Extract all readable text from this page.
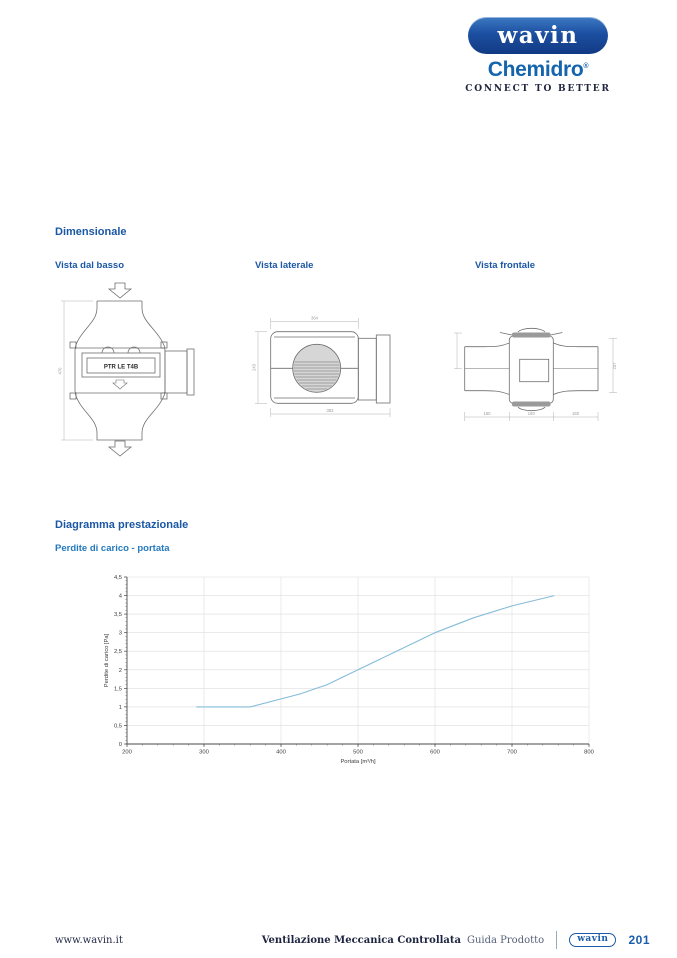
wavin
Chemidro®
CONNECT TO BETTER
Dimensionale
Vista dal basso	Vista laterale	Vista frontale
PTR LE T4B
470
364
243
383
237
160	150	160
Diagramma prestazionale
Perdite di carico - portata
200	300	400	500	600	700	800
0
0,5
1
1,5
2
2,5
3
3,5
4
4,5
Portata [m³/h]
Perdite di carico [Pa]
www.wavin.it	Ventilazione Meccanica Controllata Guida Prodotto	wavin	201
